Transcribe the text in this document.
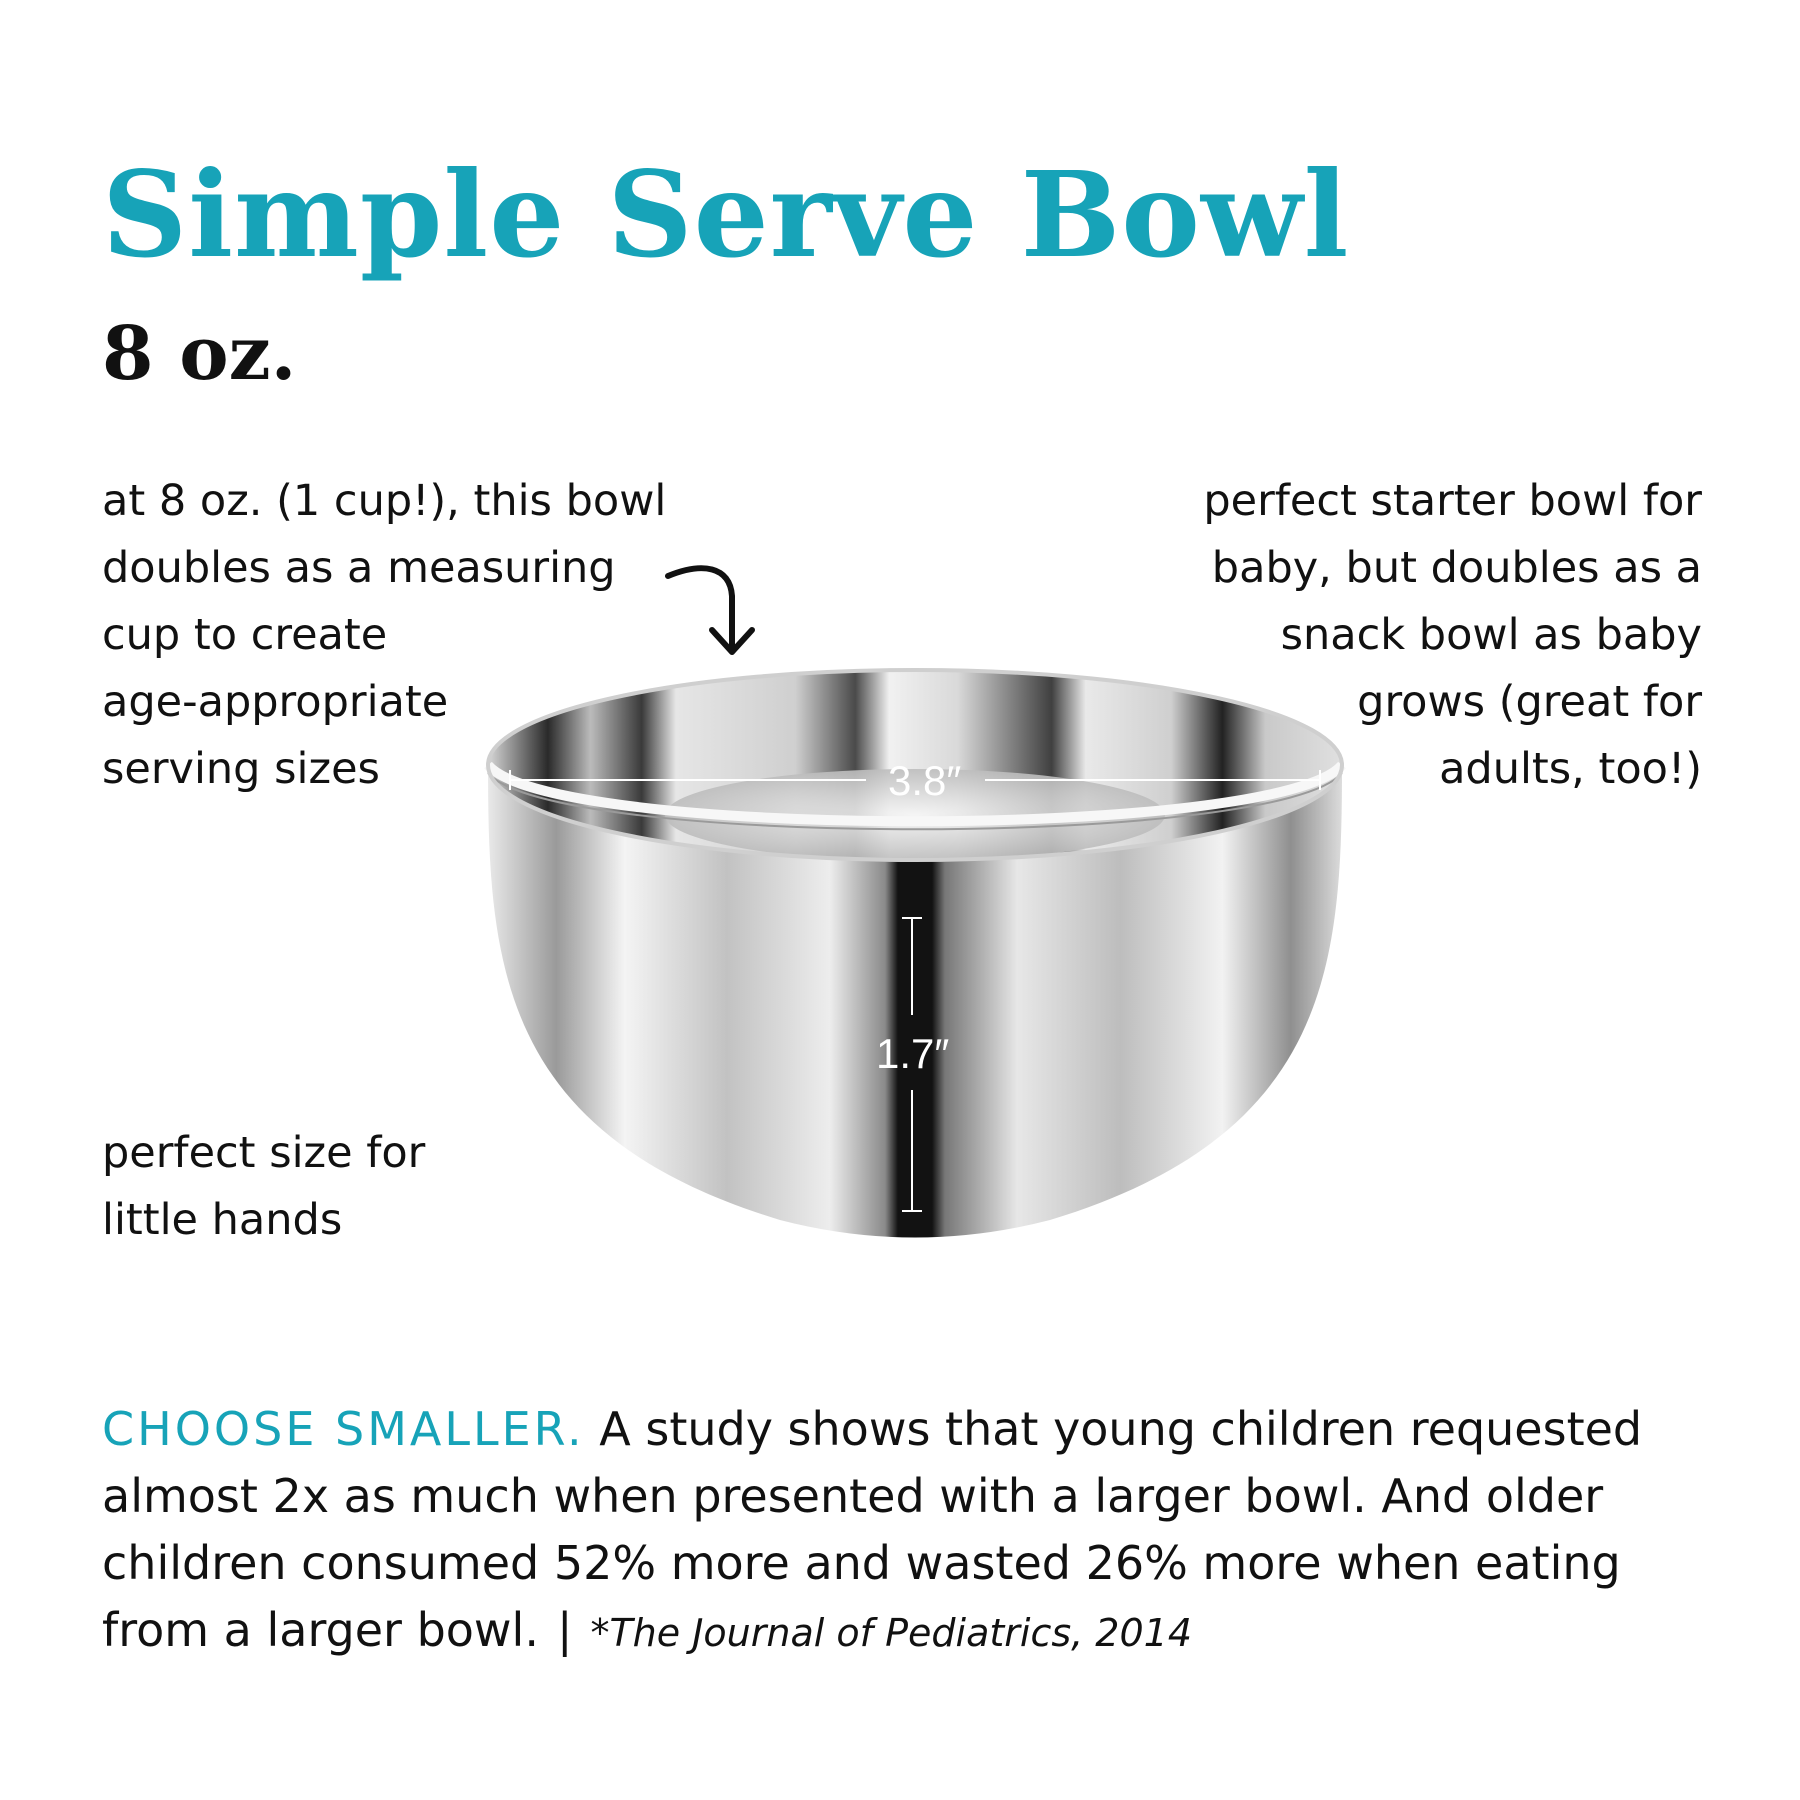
Simple Serve Bowl
8 oz.

at 8 oz. (1 cup!), this bowl
doubles as a measuring
cup to create
age-appropriate
serving sizes

perfect starter bowl for
baby, but doubles as a
snack bowl as baby
grows (great for
adults, too!)

perfect size for
little hands

3.8″
1.7″

CHOOSE SMALLER. A study shows that young children requested almost 2x as much when presented with a larger bowl. And older children consumed 52% more and wasted 26% more when eating from a larger bowl. | *The Journal of Pediatrics, 2014
